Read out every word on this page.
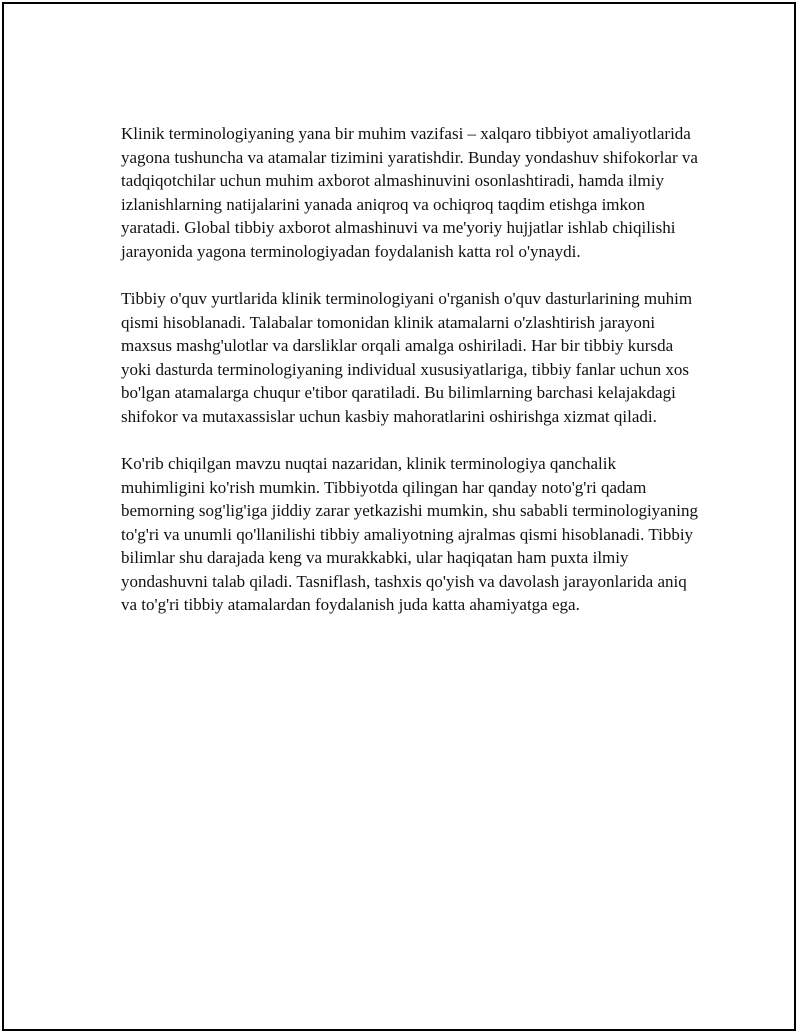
Klinik terminologiyaning yana bir muhim vazifasi – xalqaro tibbiyot amaliyotlarida yagona tushuncha va atamalar tizimini yaratishdir. Bunday yondashuv shifokorlar va tadqiqotchilar uchun muhim axborot almashinuvini osonlashtiradi, hamda ilmiy izlanishlarning natijalarini yanada aniqroq va ochiqroq taqdim etishga imkon yaratadi. Global tibbiy axborot almashinuvi va me'yoriy hujjatlar ishlab chiqilishi jarayonida yagona terminologiyadan foydalanish katta rol o'ynaydi.

Tibbiy o'quv yurtlarida klinik terminologiyani o'rganish o'quv dasturlarining muhim qismi hisoblanadi. Talabalar tomonidan klinik atamalarni o'zlashtirish jarayoni maxsus mashg'ulotlar va darsliklar orqali amalga oshiriladi. Har bir tibbiy kursda yoki dasturda terminologiyaning individual xususiyatlariga, tibbiy fanlar uchun xos bo'lgan atamalarga chuqur e'tibor qaratiladi. Bu bilimlarning barchasi kelajakdagi shifokor va mutaxassislar uchun kasbiy mahoratlarini oshirishga xizmat qiladi.

Ko'rib chiqilgan mavzu nuqtai nazaridan, klinik terminologiya qanchalik muhimligini ko'rish mumkin. Tibbiyotda qilingan har qanday noto'g'ri qadam bemorning sog'lig'iga jiddiy zarar yetkazishi mumkin, shu sababli terminologiyaning to'g'ri va unumli qo'llanilishi tibbiy amaliyotning ajralmas qismi hisoblanadi. Tibbiy bilimlar shu darajada keng va murakkabki, ular haqiqatan ham puxta ilmiy yondashuvni talab qiladi. Tasniflash, tashxis qo'yish va davolash jarayonlarida aniq va to'g'ri tibbiy atamalardan foydalanish juda katta ahamiyatga ega.
